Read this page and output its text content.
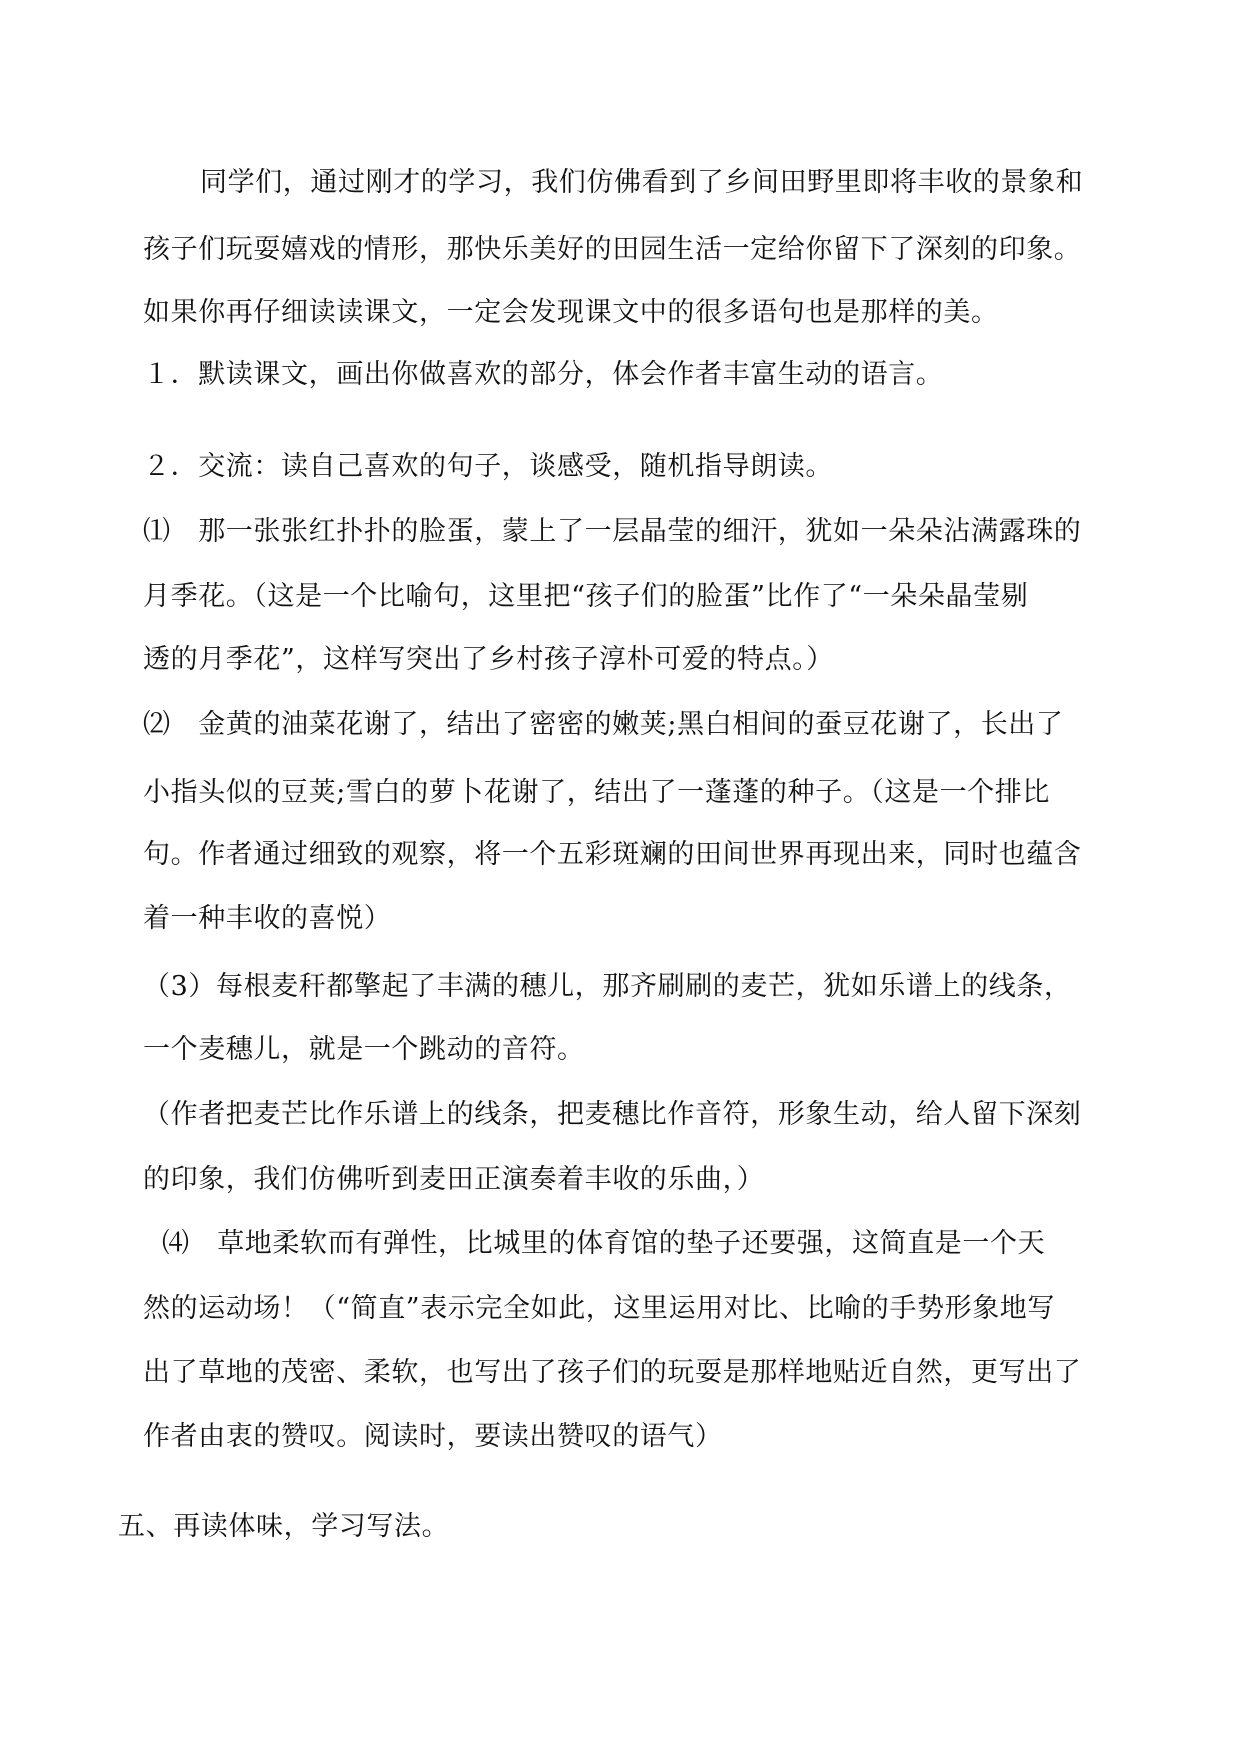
同学们，通过刚才的学习，我们仿佛看到了乡间田野里即将丰收的景象和
孩子们玩耍嬉戏的情形，那快乐美好的田园生活一定给你留下了深刻的印象。
如果你再仔细读读课文，一定会发现课文中的很多语句也是那样的美。
１．默读课文，画出你做喜欢的部分，体会作者丰富生动的语言。
２．交流：读自己喜欢的句子，谈感受，随机指导朗读。
⑴　那一张张红扑扑的脸蛋，蒙上了一层晶莹的细汗，犹如一朵朵沾满露珠的
月季花。（这是一个比喻句，这里把“孩子们的脸蛋”比作了“一朵朵晶莹剔
透的月季花”，这样写突出了乡村孩子淳朴可爱的特点。）
⑵　金黄的油菜花谢了，结出了密密的嫩荚;黑白相间的蚕豆花谢了，长出了
小指头似的豆荚;雪白的萝卜花谢了，结出了一蓬蓬的种子。（这是一个排比
句。作者通过细致的观察，将一个五彩斑斓的田间世界再现出来，同时也蕴含
着一种丰收的喜悦）
（3）每根麦秆都擎起了丰满的穗儿，那齐刷刷的麦芒，犹如乐谱上的线条，
一个麦穗儿，就是一个跳动的音符。
（作者把麦芒比作乐谱上的线条，把麦穗比作音符，形象生动，给人留下深刻
的印象，我们仿佛听到麦田正演奏着丰收的乐曲，）
⑷　草地柔软而有弹性，比城里的体育馆的垫子还要强，这简直是一个天
然的运动场！（“简直”表示完全如此，这里运用对比、比喻的手势形象地写
出了草地的茂密、柔软，也写出了孩子们的玩耍是那样地贴近自然，更写出了
作者由衷的赞叹。阅读时，要读出赞叹的语气）
五、再读体味，学习写法。
